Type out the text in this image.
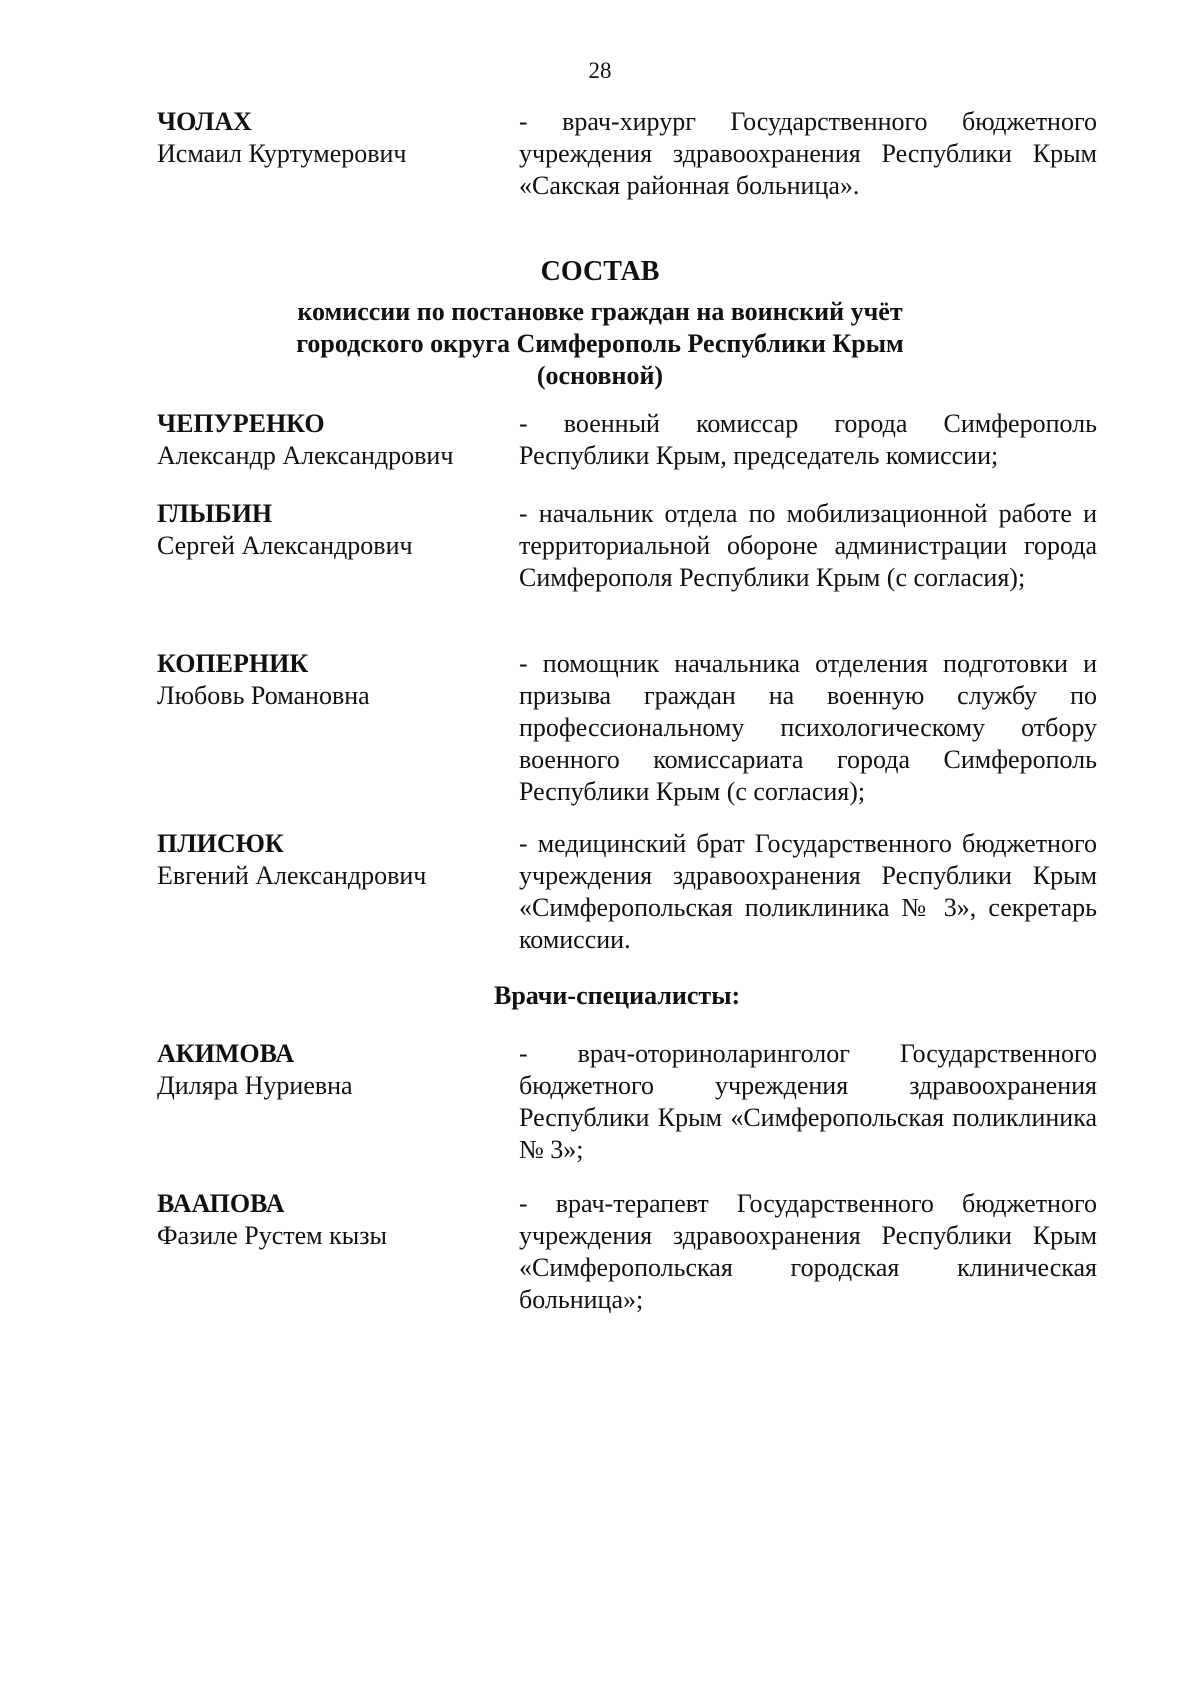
28
ЧОЛАХ
Исмаил Куртумерович
- врач-хирург Государственного бюджетного учреждения здравоохранения Республики Крым «Сакская районная больница».
СОСТАВ
комиссии по постановке граждан на воинский учёт
городского округа Симферополь Республики Крым
(основной)
ЧЕПУРЕНКО
Александр Александрович
- военный комиссар города Симферополь Республики Крым, председатель комиссии;
ГЛЫБИН
Сергей Александрович
- начальник отдела по мобилизационной работе и территориальной обороне администрации города Симферополя Республики Крым (с согласия);
КОПЕРНИК
Любовь Романовна
- помощник начальника отделения подготовки и призыва граждан на военную службу по профессиональному психологическому отбору военного комиссариата города Симферополь Республики Крым (с согласия);
ПЛИСЮК
Евгений Александрович
- медицинский брат Государственного бюджетного учреждения здравоохранения Республики Крым «Симферопольская поликлиника № 3», секретарь комиссии.
Врачи-специалисты:
АКИМОВА
Диляра Нуриевна
- врач-оториноларинголог Государственного бюджетного учреждения здравоохранения Республики Крым «Симферопольская поликлиника № 3»;
ВААПОВА
Фазиле Рустем кызы
- врач-терапевт Государственного бюджетного учреждения здравоохранения Республики Крым «Симферопольская городская клиническая больница»;
